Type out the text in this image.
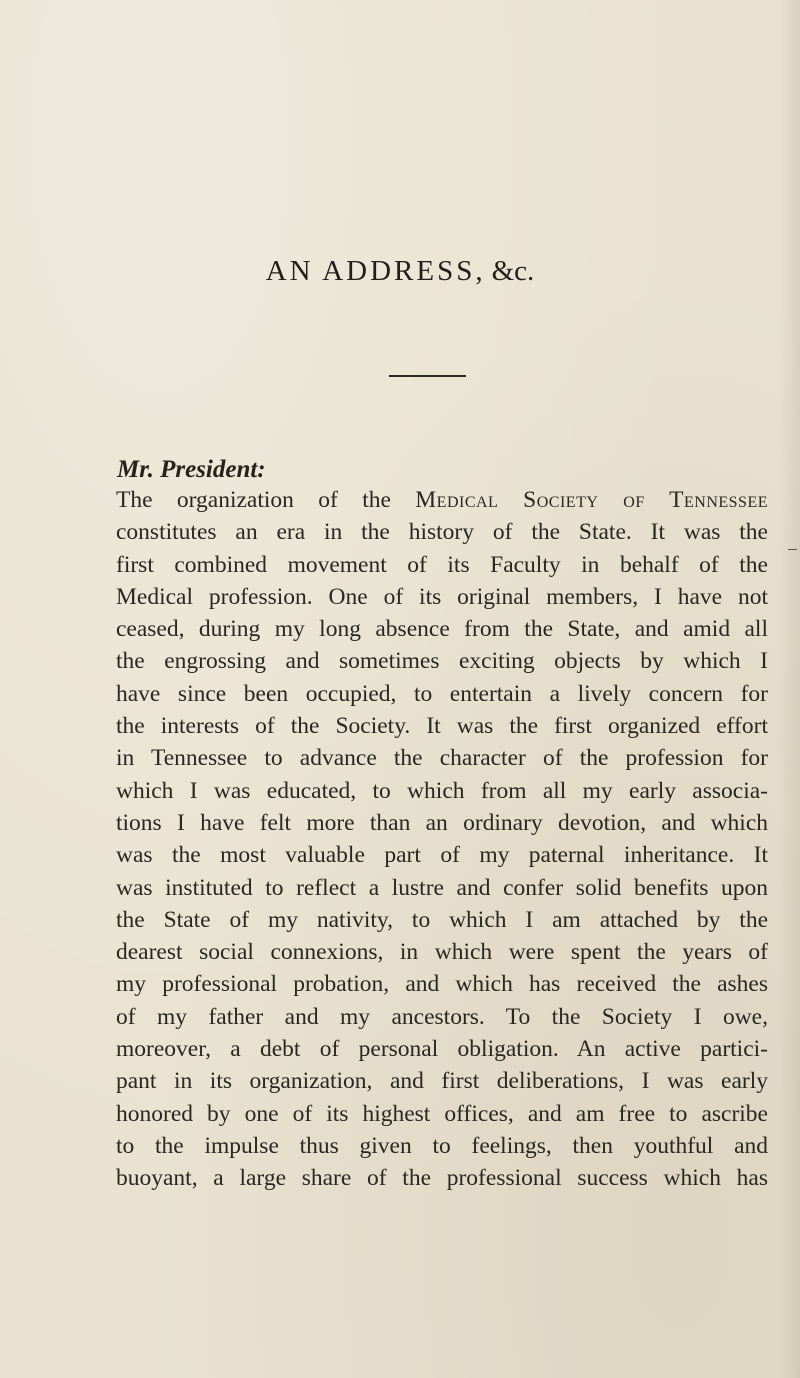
AN ADDRESS, &c.
Mr. President:
The organization of the Medical Society of Tennessee
constitutes an era in the history of the State. It was the
first combined movement of its Faculty in behalf of the
Medical profession. One of its original members, I have not
ceased, during my long absence from the State, and amid all
the engrossing and sometimes exciting objects by which I
have since been occupied, to entertain a lively concern for
the interests of the Society. It was the first organized effort
in Tennessee to advance the character of the profession for
which I was educated, to which from all my early associa-
tions I have felt more than an ordinary devotion, and which
was the most valuable part of my paternal inheritance. It
was instituted to reflect a lustre and confer solid benefits upon
the State of my nativity, to which I am attached by the
dearest social connexions, in which were spent the years of
my professional probation, and which has received the ashes
of my father and my ancestors. To the Society I owe,
moreover, a debt of personal obligation. An active partici-
pant in its organization, and first deliberations, I was early
honored by one of its highest offices, and am free to ascribe
to the impulse thus given to feelings, then youthful and
buoyant, a large share of the professional success which has
